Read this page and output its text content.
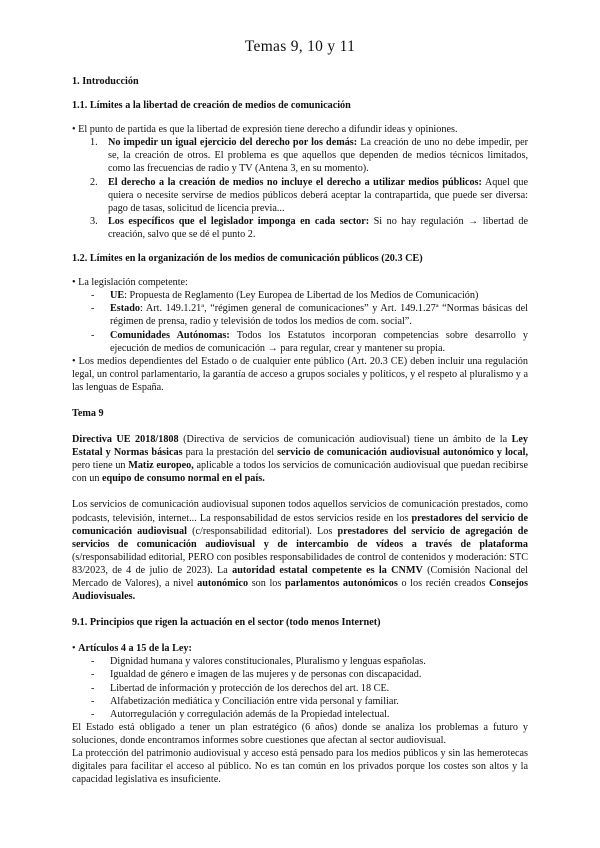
Temas 9, 10 y 11

1. Introducción

1.1. Límites a la libertad de creación de medios de comunicación

• El punto de partida es que la libertad de expresión tiene derecho a difundir ideas y opiniones.

1. No impedir un igual ejercicio del derecho por los demás: La creación de uno no debe impedir, per se, la creación de otros. El problema es que aquellos que dependen de medios técnicos limitados, como las frecuencias de radio y TV (Antena 3, en su momento).
2. El derecho a la creación de medios no incluye el derecho a utilizar medios públicos: Aquel que quiera o necesite servirse de medios públicos deberá aceptar la contrapartida, que puede ser diversa: pago de tasas, solicitud de licencia previa...
3. Los específicos que el legislador imponga en cada sector: Si no hay regulación → libertad de creación, salvo que se dé el punto 2.

1.2. Límites en la organización de los medios de comunicación públicos (20.3 CE)

• La legislación competente:

- UE: Propuesta de Reglamento (Ley Europea de Libertad de los Medios de Comunicación)
- Estado: Art. 149.1.21ª, “régimen general de comunicaciones” y Art. 149.1.27ª “Normas básicas del régimen de prensa, radio y televisión de todos los medios de com. social”.
- Comunidades Autónomas: Todos los Estatutos incorporan competencias sobre desarrollo y ejecución de medios de comunicación → para regular, crear y mantener su propia.

• Los medios dependientes del Estado o de cualquier ente público (Art. 20.3 CE) deben incluir una regulación legal, un control parlamentario, la garantía de acceso a grupos sociales y políticos, y el respeto al pluralismo y a las lenguas de España.

Tema 9

Directiva UE 2018/1808 (Directiva de servicios de comunicación audiovisual) tiene un ámbito de la Ley Estatal y Normas básicas para la prestación del servicio de comunicación audiovisual autonómico y local, pero tiene un Matiz europeo, aplicable a todos los servicios de comunicación audiovisual que puedan recibirse con un equipo de consumo normal en el país.

Los servicios de comunicación audiovisual suponen todos aquellos servicios de comunicación prestados, como podcasts, televisión, internet... La responsabilidad de estos servicios reside en los prestadores del servicio de comunicación audiovisual (c/responsabilidad editorial). Los prestadores del servicio de agregación de servicios de comunicación audiovisual y de intercambio de vídeos a través de plataforma (s/responsabilidad editorial, PERO con posibles responsabilidades de control de contenidos y moderación: STC 83/2023, de 4 de julio de 2023). La autoridad estatal competente es la CNMV (Comisión Nacional del Mercado de Valores), a nivel autonómico son los parlamentos autonómicos o los recién creados Consejos Audiovisuales.

9.1. Principios que rigen la actuación en el sector (todo menos Internet)

• Artículos 4 a 15 de la Ley:

- Dignidad humana y valores constitucionales, Pluralismo y lenguas españolas.
- Igualdad de género e imagen de las mujeres y de personas con discapacidad.
- Libertad de información y protección de los derechos del art. 18 CE.
- Alfabetización mediática y Conciliación entre vida personal y familiar.
- Autorregulación y corregulación además de la Propiedad intelectual.

El Estado está obligado a tener un plan estratégico (6 años) donde se analiza los problemas a futuro y soluciones, donde encontramos informes sobre cuestiones que afectan al sector audiovisual.

La protección del patrimonio audiovisual y acceso está pensado para los medios públicos y sin las hemerotecas digitales para facilitar el acceso al público. No es tan común en los privados porque los costes son altos y la capacidad legislativa es insuficiente.
